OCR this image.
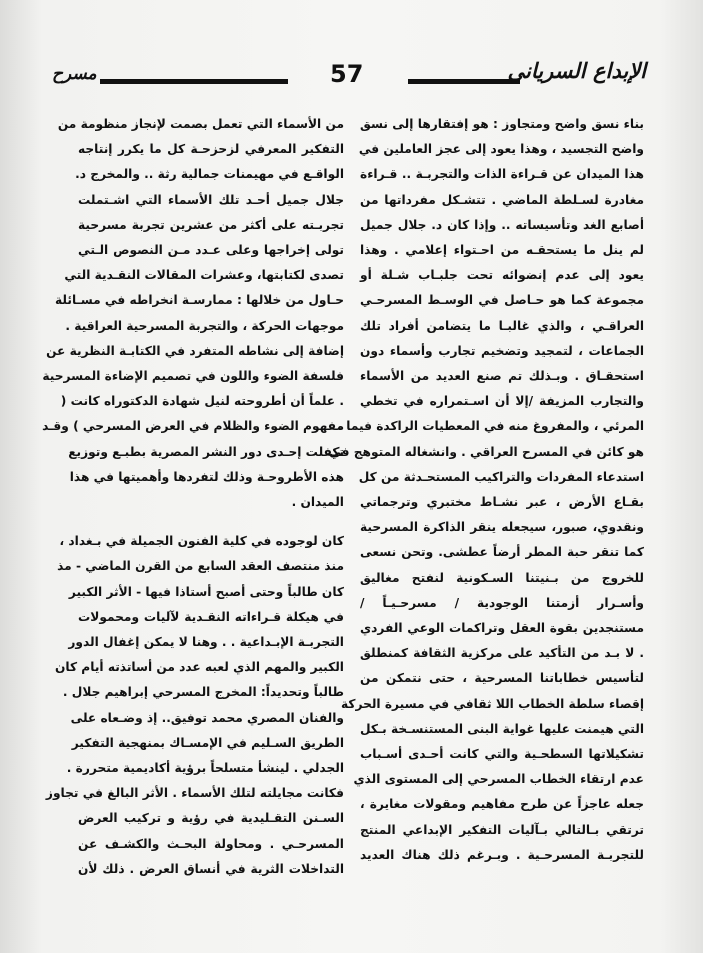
مسرح	57	الإبداع السرياني

بناء نسق واضح ومتجاوز : هو إفتقارها إلى نسق

واضح التجسيد ، وهذا يعود إلى عجز العاملين في

هذا الميدان عن قـراءة الذات والتجربـة .. قـراءة

مغادرة لسـلطة الماضي . تتشـكل مفرداتها من

أصابع الغد وتأسيساته .. وإذا كان د. جلال جميل

لم ينل ما يستحقـه من احـتواء إعلامي . وهذا

يعود إلى عدم إنضوائه تحت جلبـاب شـلة أو

مجموعة كما هو حـاصل في الوسـط المسرحـي

العراقـي ، والذي غالبـا ما يتضامن أفراد تلك

الجماعات ، لتمجيد وتضخيم تجارب وأسماء دون

استحقـاق . وبـذلك تم صنع العديد من الأسماء

والتجارب المزيفة /إلا أن اسـتمراره في تخطي

المرئي ، والمفروغ منه في المعطيات الراكدة فيما .

هو كائن في المسرح العراقي . وانشغاله المتوهج في

استدعاء المفردات والتراكيب المستحـدثة من كل

بقـاع الأرض ، عبر نشـاط مختبري وترجماتي

ونقدوي، صبور، سيجعله ينقر الذاكرة المسرحية

كما تنقر حبة المطر أرضاً عطشى. وتحن نسعى

للخروج من بـنيتنا السـكونية لنفتح مغاليق

وأسـرار أزمتنا الوجودية / مسرحـيـاً /

مستنجدين بقوة العقل وتراكمات الوعي الفردي

. لا بـد من التأكيد على مركزية الثقافة كمنطلق

لتأسيس خطاباتنا المسرحية ، حتى نتمكن من

إقصاء سلطة الخطاب اللا ثقافي في مسيرة الحركة

التي هيمنت عليها غواية البنى المستنسـخة بـكل

تشكيلاتها السطحـية والتي كانت أحـدى أسـباب

عدم ارتقاء الخطاب المسرحي إلى المستوى الذي

جعله عاجزاً عن طرح مفاهيم ومقولات مغايرة ،

ترتقي بـالتالي بـآليات التفكير الإبداعي المنتج

للتجربـة المسرحـية . وبـرغم ذلك هناك العديد

من الأسماء التي تعمل بصمت لإنجاز منظومة من

التفكير المعرفي لزحزحـة كل ما يكرر إنتاجه

الواقـع في مهيمنات جمالية رثة .. والمخرج د.

جلال جميل أحـد تلك الأسماء التي اشـتملت

تجربـته على أكثر من عشرين تجربة مسرحية

تولى إخراجها وعلى عـدد مـن النصوص الـتي

تصدى لكتابتها، وعشرات المقالات النقـدية التي

حـاول من خلالها : ممارسـة انخراطه في مسـائلة

موجهات الحركة ، والتجربة المسرحية العراقية .

إضافة إلى نشاطه المتفرد في الكتابـة النظرية عن

فلسفة الضوء واللون في تصميم الإضاءة المسرحية

. علماً أن أطروحته لنيل شهادة الدكتوراه كانت (

مفهوم الضوء والظلام في العرض المسرحي ) وقـد

تكفلت إحـدى دور النشر المصرية بطبـع وتوزيع

هذه الأطروحـة وذلك لتفردها وأهميتها في هذا

الميدان .

كان لوجوده في كلية الفنون الجميلة في بـغداد ،

منذ منتصف العقد السابع من القرن الماضي - مذ

كان طالباً وحتى أصبح أستاذا فيها - الأثر الكبير

في هيكلة قـراءاته النقـدية لآليات ومحمولات

التجربـة الإبـداعية . . وهنا لا يمكن إغفال الدور

الكبير والمهم الذي لعبه عدد من أساتذته أيام كان

طالباً وتحديداً: المخرج المسرحي إبراهيم جلال .

والفنان المصري محمد توفيق.. إذ وضـعاه على

الطريق السـليم في الإمسـاك بمنهجية التفكير

الجدلي . لينشأ متسلحاً برؤية أكاديمية متحررة .

فكانت مجايلته لتلك الأسماء . الأثر البالغ في تجاوز

السـنن التقـليدية في رؤية و تركيب العرض

المسرحـي . ومحاولة البحـث والكشـف عن

التداخلات الثرية في أنساق العرض . ذلك لأن
